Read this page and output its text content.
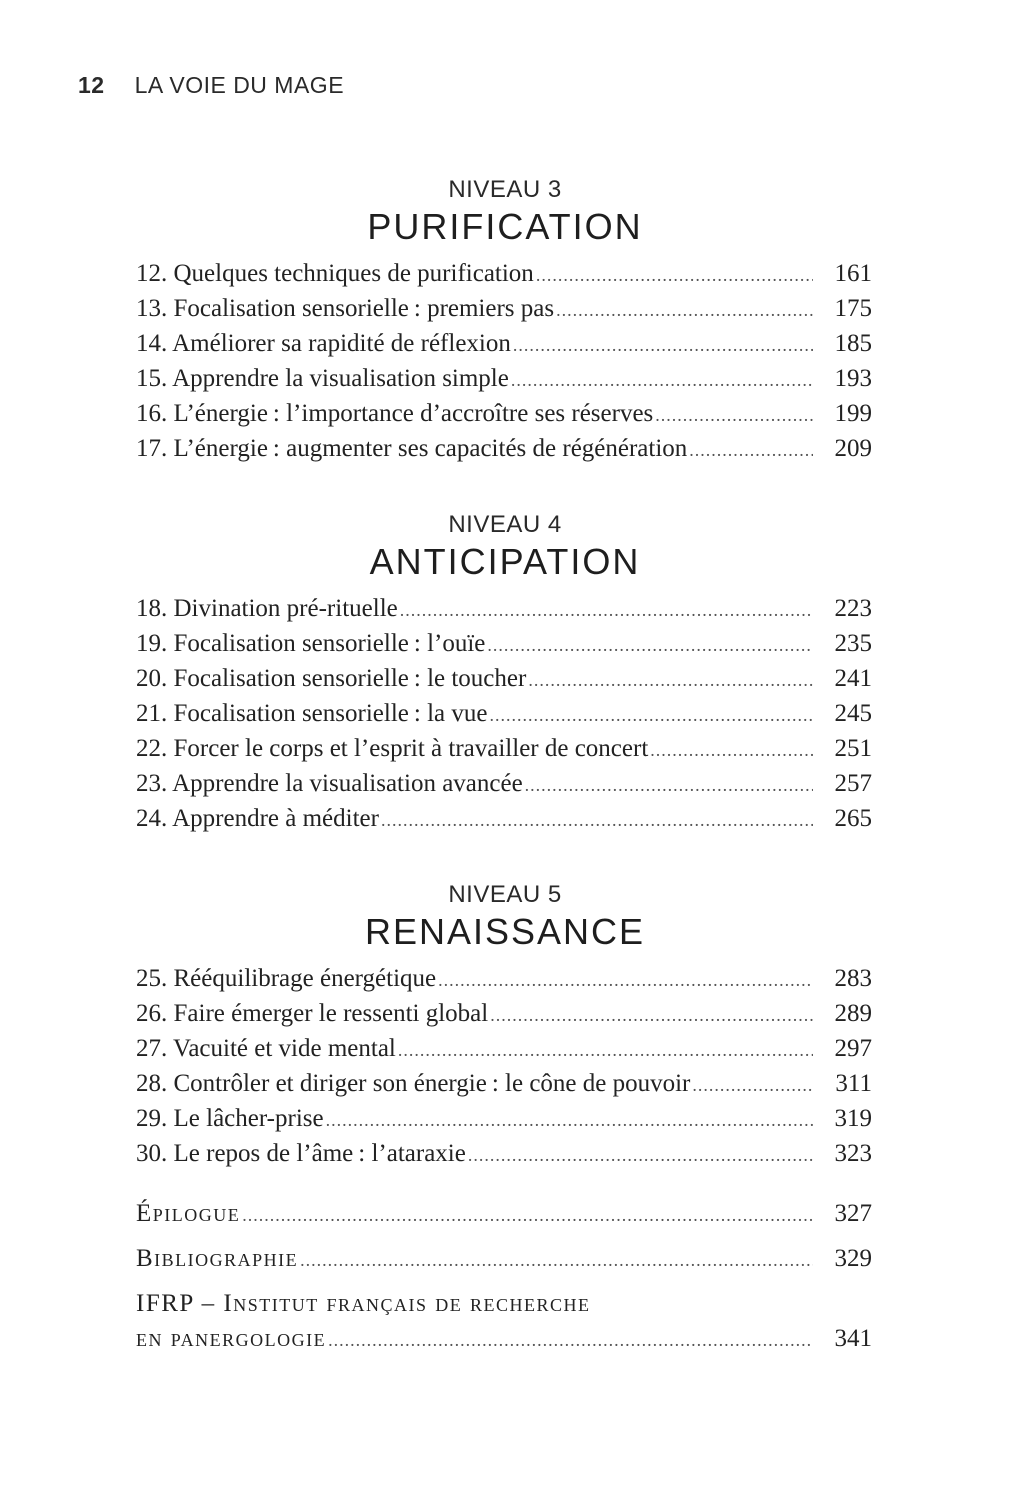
12 LA VOIE DU MAGE
NIVEAU 3
PURIFICATION
12. Quelques techniques de purification .....	161
13. Focalisation sensorielle : premiers pas .....	175
14. Améliorer sa rapidité de réflexion .....	185
15. Apprendre la visualisation simple .....	193
16. L’énergie : l’importance d’accroître ses réserves .....	199
17. L’énergie : augmenter ses capacités de régénération .....	209
NIVEAU 4
ANTICIPATION
18. Divination pré-rituelle .....	223
19. Focalisation sensorielle : l’ouïe .....	235
20. Focalisation sensorielle : le toucher .....	241
21. Focalisation sensorielle : la vue .....	245
22. Forcer le corps et l’esprit à travailler de concert .....	251
23. Apprendre la visualisation avancée .....	257
24. Apprendre à méditer .....	265
NIVEAU 5
RENAISSANCE
25. Rééquilibrage énergétique .....	283
26. Faire émerger le ressenti global .....	289
27. Vacuité et vide mental .....	297
28. Contrôler et diriger son énergie : le cône de pouvoir .....	311
29. Le lâcher-prise .....	319
30. Le repos de l’âme : l’ataraxie .....	323
Épilogue .....	327
Bibliographie .....	329
IFRP – Institut français de recherche
en panergologie .....	341
